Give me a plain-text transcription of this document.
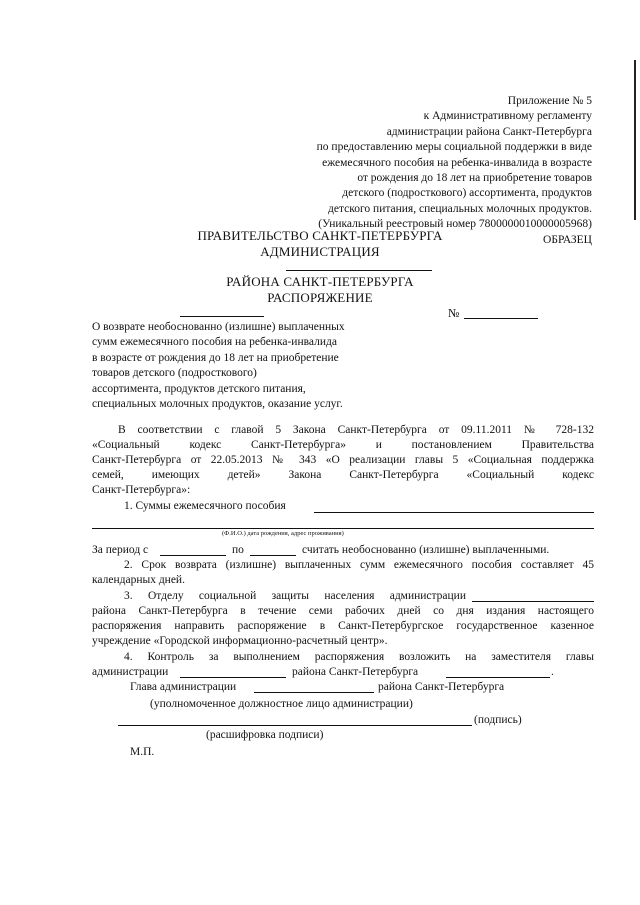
Приложение № 5
к Административному регламенту
администрации района Санкт-Петербурга
по предоставлению меры социальной поддержки в виде
ежемесячного пособия на ребенка-инвалида в возрасте
от рождения до 18 лет на приобретение товаров
детского (подросткового) ассортимента, продуктов
детского питания, специальных молочных продуктов.
(Уникальный реестровый номер 7800000010000005968)
ОБРАЗЕЦ
ПРАВИТЕЛЬСТВО САНКТ-ПЕТЕРБУРГА
АДМИНИСТРАЦИЯ
РАЙОНА САНКТ-ПЕТЕРБУРГА
РАСПОРЯЖЕНИЕ
№
О возврате необоснованно (излишне) выплаченных
сумм ежемесячного пособия на ребенка-инвалида
в возрасте от рождения до 18 лет на приобретение
товаров детского (подросткового)
ассортимента, продуктов детского питания,
специальных молочных продуктов, оказание услуг.
В соответствии с главой 5 Закона Санкт-Петербурга от 09.11.2011 № 728-132
«Социальный кодекс Санкт-Петербурга» и постановлением Правительства
Санкт-Петербурга от 22.05.2013 № 343 «О реализации главы 5 «Социальная поддержка
семей, имеющих детей» Закона Санкт-Петербурга «Социальный кодекс
Санкт-Петербурга»:
1. Суммы ежемесячного пособия
(Ф.И.О.) дата рождения, адрес проживания)
За период с	по	считать необоснованно (излишне) выплаченными.
2. Срок возврата (излишне) выплаченных сумм ежемесячного пособия составляет 45
календарных дней.
3. Отделу социальной защиты населения администрации
района Санкт-Петербурга в течение семи рабочих дней со дня издания настоящего
распоряжения направить распоряжение в Санкт-Петербургское государственное казенное
учреждение «Городской информационно-расчетный центр».
4. Контроль за выполнением распоряжения возложить на заместителя главы
администрации	района Санкт-Петербурга	.
Глава администрации	района Санкт-Петербурга
(уполномоченное должностное лицо администрации)
(подпись)
(расшифровка подписи)
М.П.
